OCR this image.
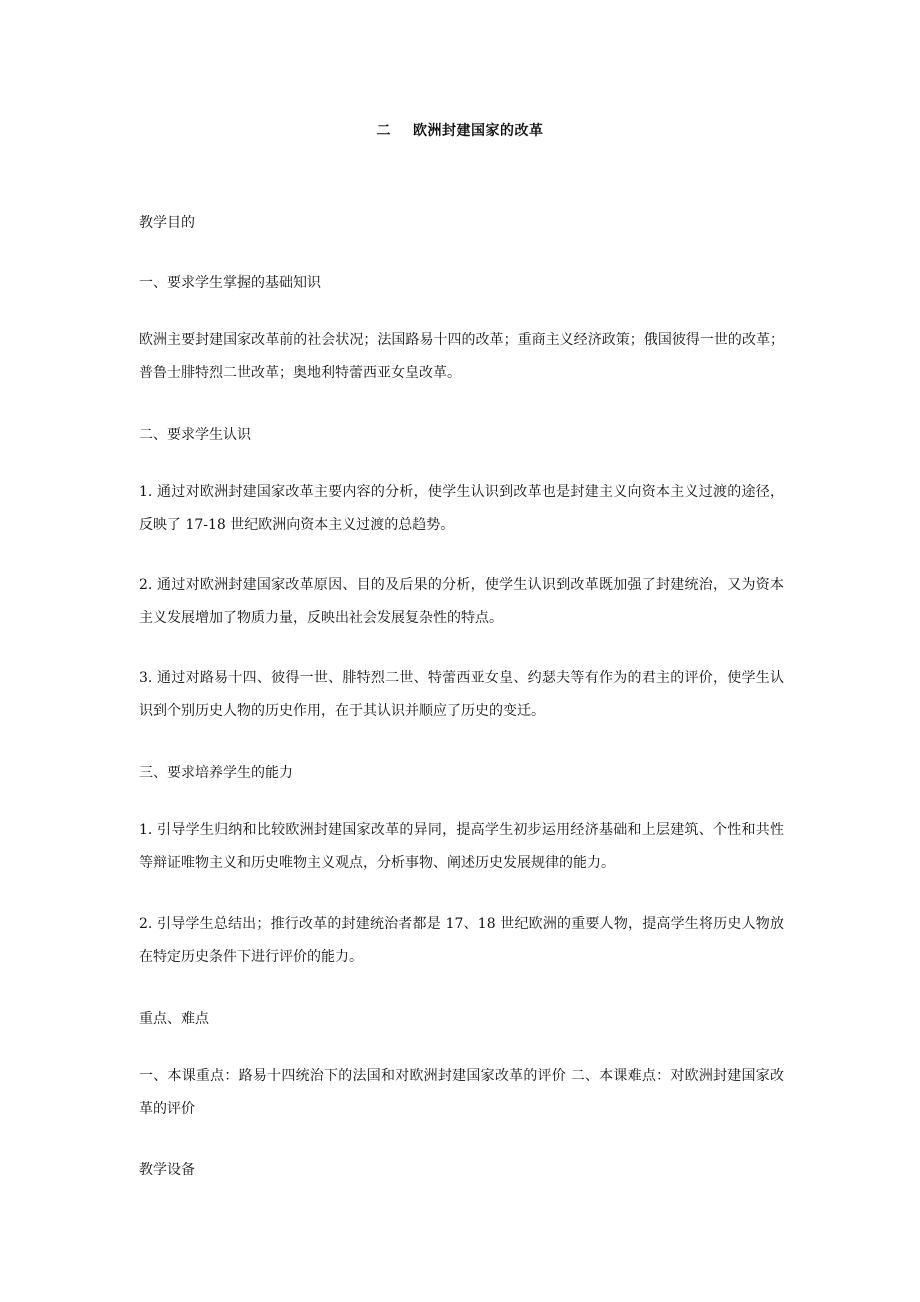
二 欧洲封建国家的改革
教学目的
一、要求学生掌握的基础知识
欧洲主要封建国家改革前的社会状况；法国路易十四的改革；重商主义经济政策；俄国彼得一世的改革；普鲁士腓特烈二世改革；奥地利特蕾西亚女皇改革。
二、要求学生认识
1. 通过对欧洲封建国家改革主要内容的分析，使学生认识到改革也是封建主义向资本主义过渡的途径，反映了 17-18 世纪欧洲向资本主义过渡的总趋势。
2. 通过对欧洲封建国家改革原因、目的及后果的分析，使学生认识到改革既加强了封建统治，又为资本主义发展增加了物质力量，反映出社会发展复杂性的特点。
3. 通过对路易十四、彼得一世、腓特烈二世、特蕾西亚女皇、约瑟夫等有作为的君主的评价，使学生认识到个别历史人物的历史作用，在于其认识并顺应了历史的变迁。
三、要求培养学生的能力
1. 引导学生归纳和比较欧洲封建国家改革的异同，提高学生初步运用经济基础和上层建筑、个性和共性等辩证唯物主义和历史唯物主义观点，分析事物、阐述历史发展规律的能力。
2. 引导学生总结出；推行改革的封建统治者都是 17、18 世纪欧洲的重要人物，提高学生将历史人物放在特定历史条件下进行评价的能力。
重点、难点
一、本课重点：路易十四统治下的法国和对欧洲封建国家改革的评价 二、本课难点：对欧洲封建国家改革的评价
教学设备
